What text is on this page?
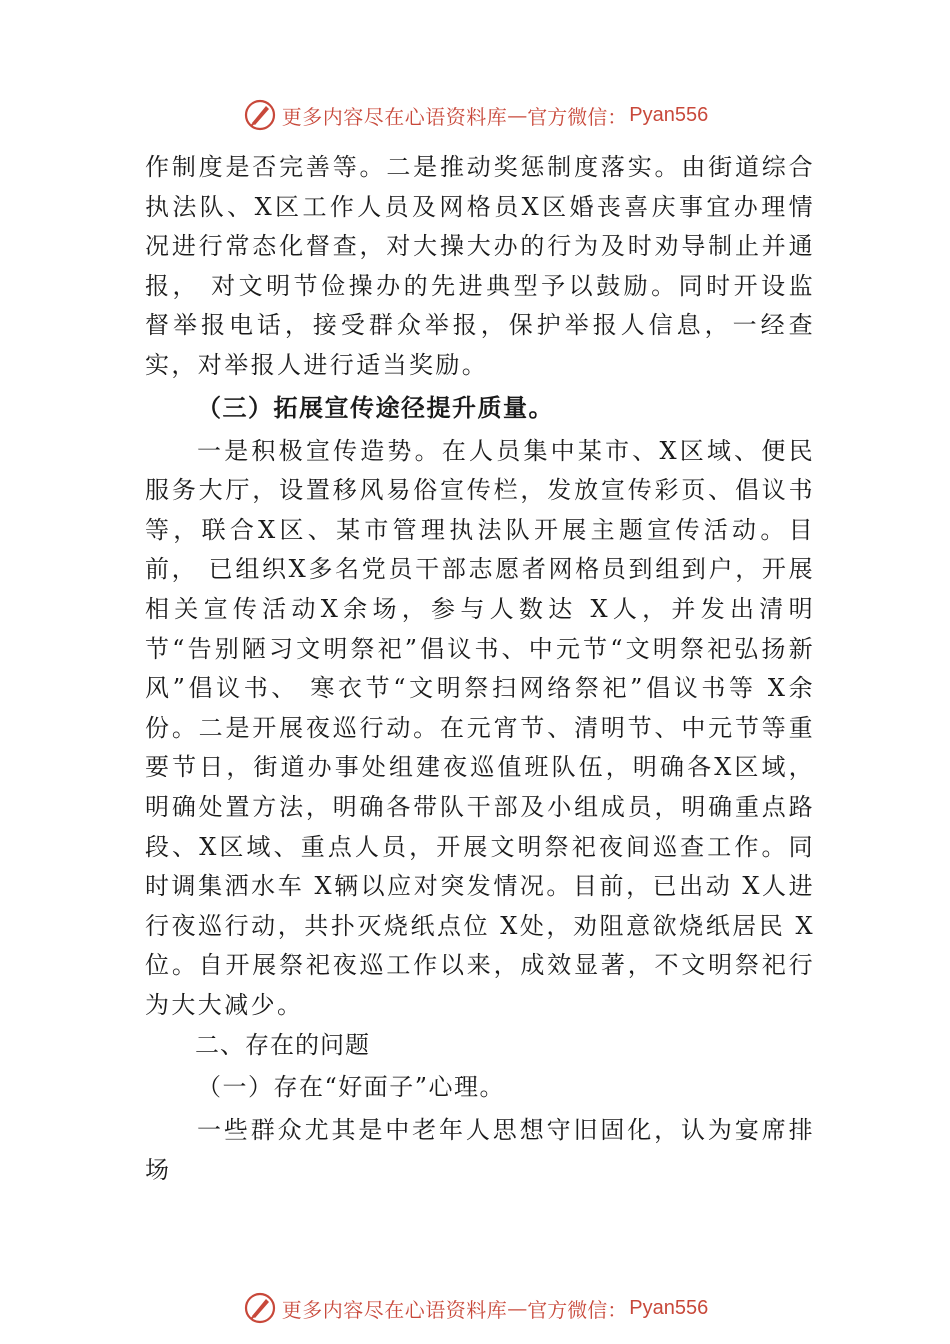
更多内容尽在心语资料库 — 官方微信： Pyan556

作制度是否完善等。二是推动奖惩制度落实。由街道综合执法队、X区工作人员及网格员X区婚丧喜庆事宜办理情况进行常态化督查，对大操大办的行为及时劝导制止并通报， 对文明节俭操办的先进典型予以鼓励。同时开设监督举报电话，接受群众举报，保护举报人信息，一经查实，对举报人进行适当奖励。

（三）拓展宣传途径提升质量。

一是积极宣传造势。在人员集中某市、X区域、便民服务大厅，设置移风易俗宣传栏，发放宣传彩页、倡议书等，联合X区、某市管理执法队开展主题宣传活动。目前， 已组织X多名党员干部志愿者网格员到组到户，开展相关宣传活动X余场，参与人数达 X人，并发出清明节“告别陋习文明祭祀”倡议书、中元节“文明祭祀弘扬新风”倡议书、 寒衣节“文明祭扫网络祭祀”倡议书等 X余份。二是开展夜巡行动。在元宵节、清明节、中元节等重要节日，街道办事处组建夜巡值班队伍，明确各X区域，明确处置方法，明确各带队干部及小组成员，明确重点路段、X区域、重点人员，开展文明祭祀夜间巡查工作。同时调集洒水车 X辆以应对突发情况。目前，已出动 X人进行夜巡行动，共扑灭烧纸点位 X处，劝阻意欲烧纸居民 X位。自开展祭祀夜巡工作以来，成效显著，不文明祭祀行为大大减少。

二、存在的问题

（一）存在“好面子”心理。

一些群众尤其是中老年人思想守旧固化，认为宴席排场

更多内容尽在心语资料库 — 官方微信： Pyan556
